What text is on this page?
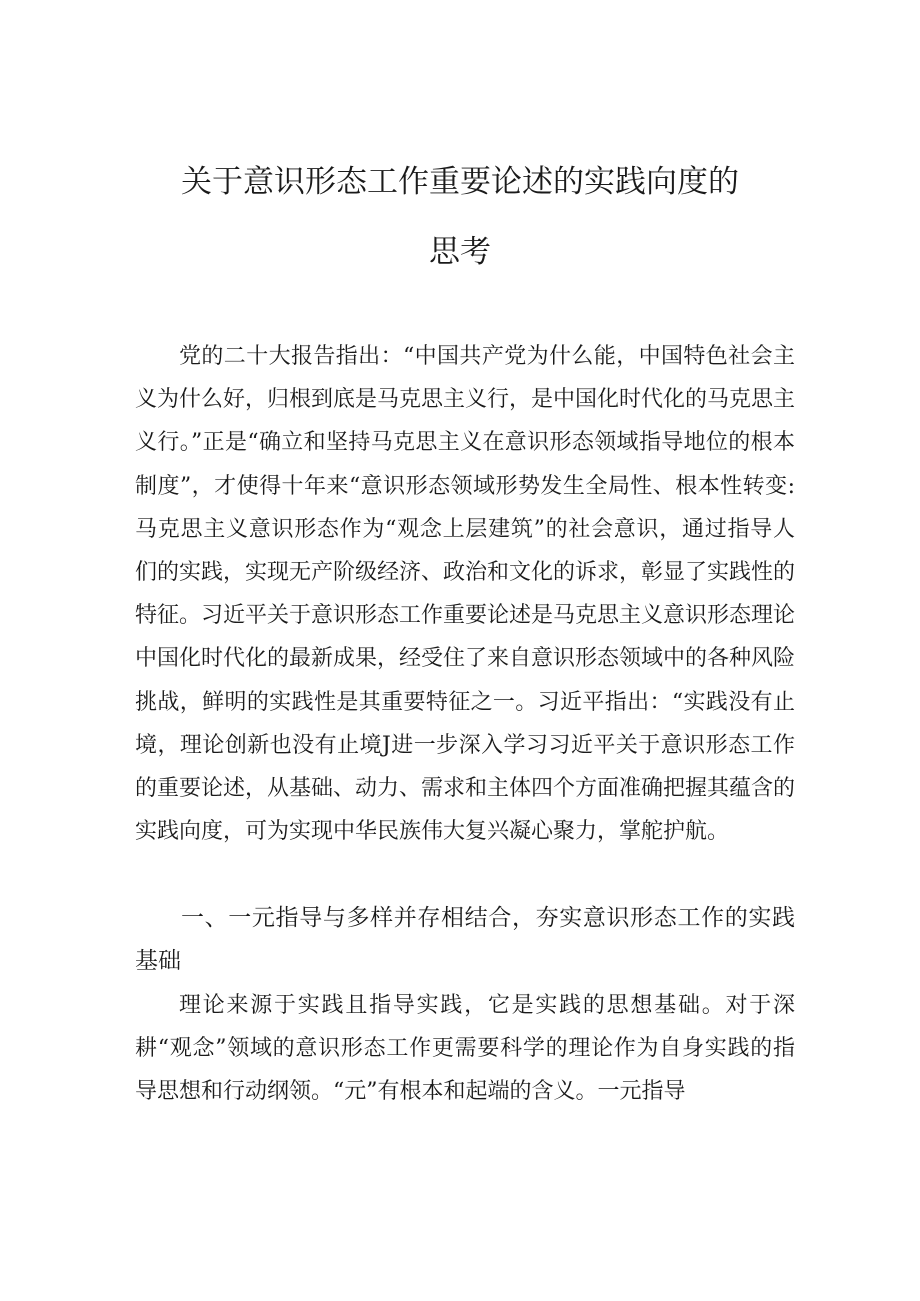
关于意识形态工作重要论述的实践向度的
思考

党的二十大报告指出：“中国共产党为什么能，中国特色社会主义为什么好，归根到底是马克思主义行，是中国化时代化的马克思主义行。”正是“确立和坚持马克思主义在意识形态领域指导地位的根本制度”，才使得十年来“意识形态领域形势发生全局性、根本性转变:马克思主义意识形态作为“观念上层建筑”的社会意识，通过指导人们的实践，实现无产阶级经济、政治和文化的诉求，彰显了实践性的特征。习近平关于意识形态工作重要论述是马克思主义意识形态理论中国化时代化的最新成果，经受住了来自意识形态领域中的各种风险挑战，鲜明的实践性是其重要特征之一。习近平指出：“实践没有止境，理论创新也没有止境J进一步深入学习习近平关于意识形态工作的重要论述，从基础、动力、需求和主体四个方面准确把握其蕴含的实践向度，可为实现中华民族伟大复兴凝心聚力，掌舵护航。

一、一元指导与多样并存相结合，夯实意识形态工作的实践基础

理论来源于实践且指导实践，它是实践的思想基础。对于深耕“观念”领域的意识形态工作更需要科学的理论作为自身实践的指导思想和行动纲领。“元”有根本和起端的含义。一元指导
